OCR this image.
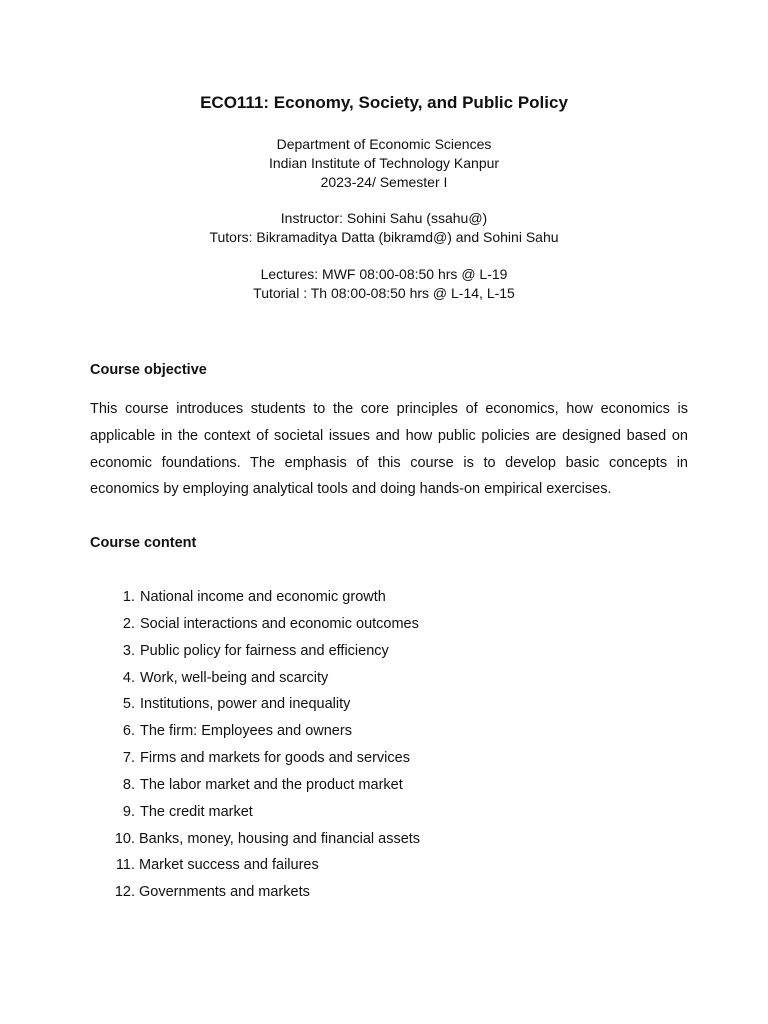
ECO111: Economy, Society, and Public Policy
Department of Economic Sciences
Indian Institute of Technology Kanpur
2023-24/ Semester I
Instructor: Sohini Sahu (ssahu@)
Tutors: Bikramaditya Datta (bikramd@) and Sohini Sahu
Lectures: MWF 08:00-08:50 hrs @ L-19
Tutorial : Th 08:00-08:50 hrs @ L-14, L-15
Course objective
This course introduces students to the core principles of economics, how economics is applicable in the context of societal issues and how public policies are designed based on economic foundations. The emphasis of this course is to develop basic concepts in economics by employing analytical tools and doing hands-on empirical exercises.
Course content
1. National income and economic growth
2. Social interactions and economic outcomes
3. Public policy for fairness and efficiency
4. Work, well-being and scarcity
5. Institutions, power and inequality
6. The firm: Employees and owners
7. Firms and markets for goods and services
8. The labor market and the product market
9. The credit market
10. Banks, money, housing and financial assets
11. Market success and failures
12. Governments and markets
